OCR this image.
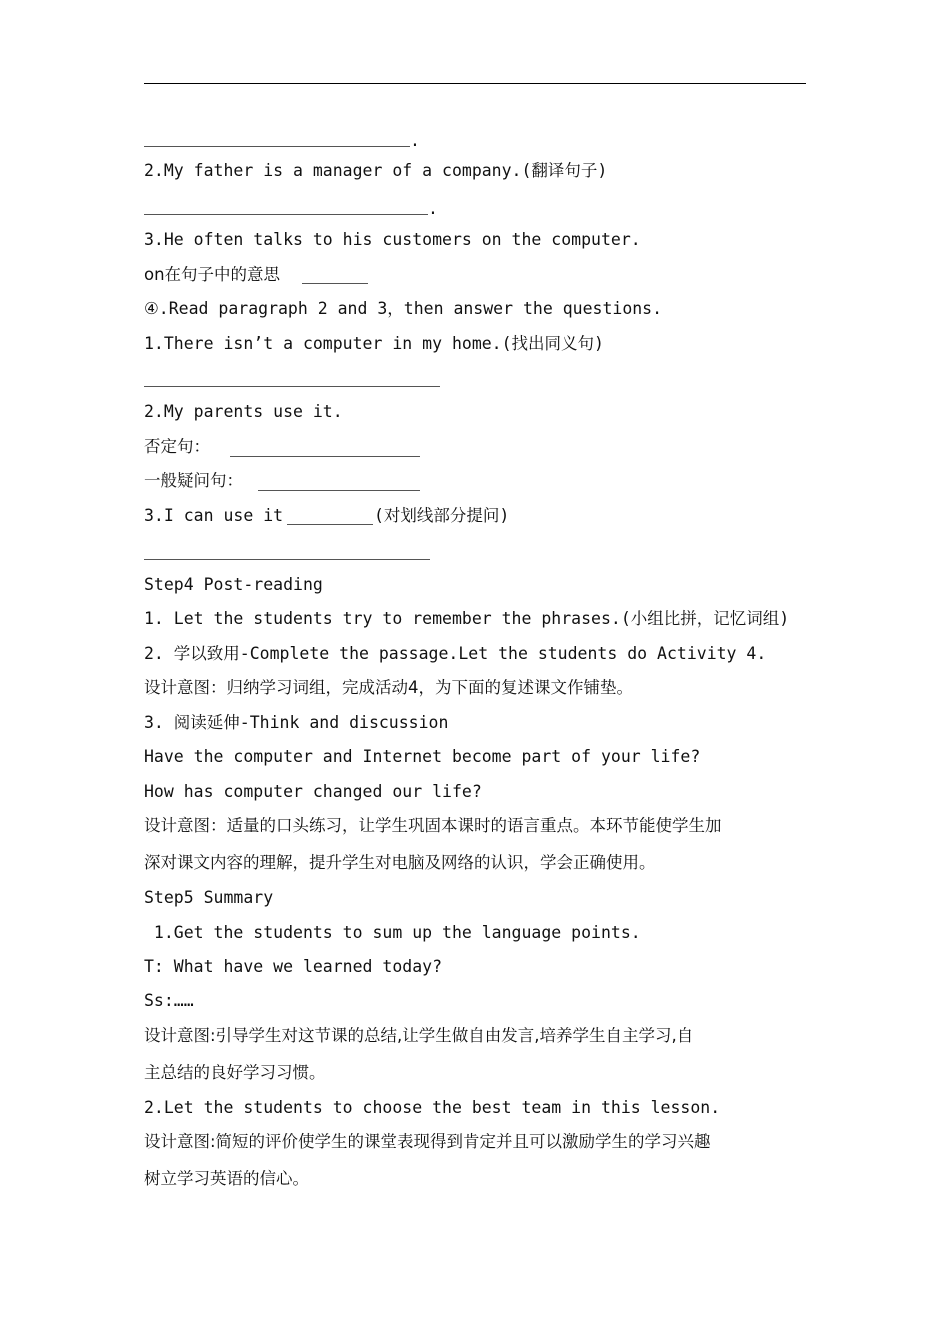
.

2.My father is a manager of a company.(翻译句子)

.

3.He often talks to his customers on the computer.

on在句子中的意思

④.Read paragraph 2 and 3，then answer the questions.

1.There isn’t a computer in my home.(找出同义句)

2.My parents use it.

否定句：

一般疑问句：

3.I can use it	(对划线部分提问)

Step4 Post-reading

1. Let the students try to remember the phrases.(小组比拼，记忆词组)

2. 学以致用-Complete the passage.Let the students do Activity 4.

设计意图：归纳学习词组，完成活动4，为下面的复述课文作铺垫。

3. 阅读延伸-Think and discussion

Have the computer and Internet become part of your life?

How has computer changed our life?

设计意图：适量的口头练习，让学生巩固本课时的语言重点。本环节能使学生加

深对课文内容的理解，提升学生对电脑及网络的认识，学会正确使用。

Step5 Summary

1.Get the students to sum up the language points.

T: What have we learned today?

Ss:……

设计意图:引导学生对这节课的总结,让学生做自由发言,培养学生自主学习,自

主总结的良好学习习惯。

2.Let the students to choose the best team in this lesson.

设计意图:简短的评价使学生的课堂表现得到肯定并且可以激励学生的学习兴趣

树立学习英语的信心。
